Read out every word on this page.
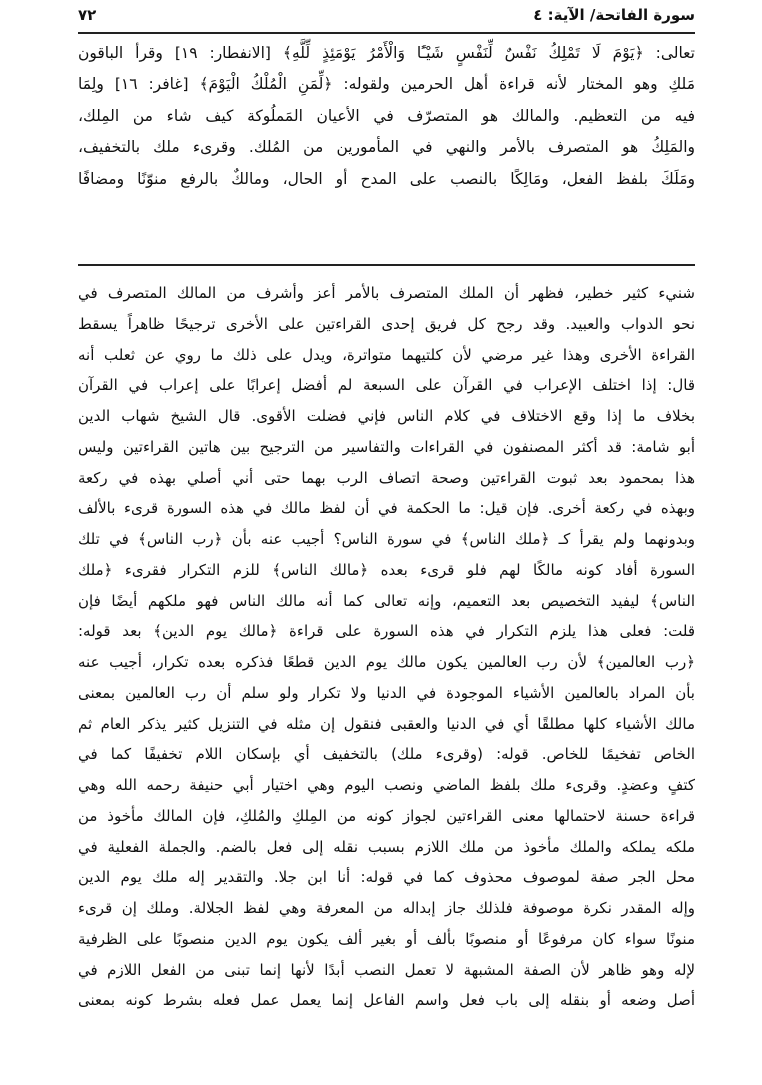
سورة الفاتحة/ الآية: ٤
٧٢
تعالى: ﴿يَوْمَ لَا تَمْلِكُ نَفْسٌ لِّنَفْسٍ شَيْـًٔا وَالْأَمْرُ يَوْمَئِذٍ لِّلَّهِ﴾ [الانفطار: ١٩] وقرأ الباقون
مَلكِ وهو المختار لأنه قراءة أهل الحرمين ولقوله: ﴿لِّمَنِ الْمُلْكُ الْيَوْمَ﴾ [غافر: ١٦] ولِمَا
فيه من التعظيم. والمالك هو المتصرّف في الأعيان المَملُوكة كيف شاء من المِلك،
والمَلِكُ هو المتصرف بالأمر والنهي في المأمورين من المُلك. وقرىء ملك بالتخفيف،
ومَلَكَ بلفظ الفعل، ومَالِكًا بالنصب على المدح أو الحال، ومالكٌ بالرفع منوّنًا ومضافًا
شنيء كثير خطير، فظهر أن الملك المتصرف بالأمر أعز وأشرف من المالك المتصرف في
نحو الدواب والعبيد. وقد رجح كل فريق إحدى القراءتين على الأخرى ترجيحًا ظاهراً يسقط
القراءة الأخرى وهذا غير مرضي لأن كلتيهما متواترة، ويدل على ذلك ما روي عن ثعلب أنه
قال: إذا اختلف الإعراب في القرآن على السبعة لم أفضل إعرابًا على إعراب في القرآن
بخلاف ما إذا وقع الاختلاف في كلام الناس فإني فضلت الأقوى. قال الشيخ شهاب الدين
أبو شامة: قد أكثر المصنفون في القراءات والتفاسير من الترجيح بين هاتين القراءتين وليس
هذا بمحمود بعد ثبوت القراءتين وصحة اتصاف الرب بهما حتى أني أصلي بهذه في ركعة
وبهذه في ركعة أخرى. فإن قيل: ما الحكمة في أن لفظ مالك في هذه السورة قرىء بالألف
وبدونهما ولم يقرأ كـ ﴿ملك الناس﴾ في سورة الناس؟ أجيب عنه بأن ﴿رب الناس﴾ في تلك
السورة أفاد كونه مالكًا لهم فلو قرىء بعده ﴿مالك الناس﴾ للزم التكرار فقرىء ﴿ملك
الناس﴾ ليفيد التخصيص بعد التعميم، وإنه تعالى كما أنه مالك الناس فهو ملكهم أيضًا فإن
قلت: فعلى هذا يلزم التكرار في هذه السورة على قراءة ﴿مالك يوم الدين﴾ بعد قوله:
﴿رب العالمين﴾ لأن رب العالمين يكون مالك يوم الدين قطعًا فذكره بعده تكرار، أجيب عنه
بأن المراد بالعالمين الأشياء الموجودة في الدنيا ولا تكرار ولو سلم أن رب العالمين بمعنى
مالك الأشياء كلها مطلقًا أي في الدنيا والعقبى فنقول إن مثله في التنزيل كثير يذكر العام ثم
الخاص تفخيمًا للخاص. قوله: (وقرىء ملك) بالتخفيف أي بإسكان اللام تخفيفًا كما في
كتفٍ وعضدٍ. وقرىء ملك بلفظ الماضي ونصب اليوم وهي اختيار أبي حنيفة رحمه الله وهي
قراءة حسنة لاحتمالها معنى القراءتين لجواز كونه من المِلكِ والمُلكِ، فإن المالك مأخوذ من
ملكه يملكه والملك مأخوذ من ملك اللازم بسبب نقله إلى فعل بالضم. والجملة الفعلية في
محل الجر صفة لموصوف محذوف كما في قوله: أنا ابن جلا. والتقدير إله ملك يوم الدين
وإله المقدر نكرة موصوفة فلذلك جاز إبداله من المعرفة وهي لفظ الجلالة. وملك إن قرىء
منونًا سواء كان مرفوعًا أو منصوبًا بألف أو بغير ألف يكون يوم الدين منصوبًا على الظرفية
لإله وهو ظاهر لأن الصفة المشبهة لا تعمل النصب أبدًا لأنها إنما تبنى من الفعل اللازم في
أصل وضعه أو بنقله إلى باب فعل واسم الفاعل إنما يعمل عمل فعله بشرط كونه بمعنى
